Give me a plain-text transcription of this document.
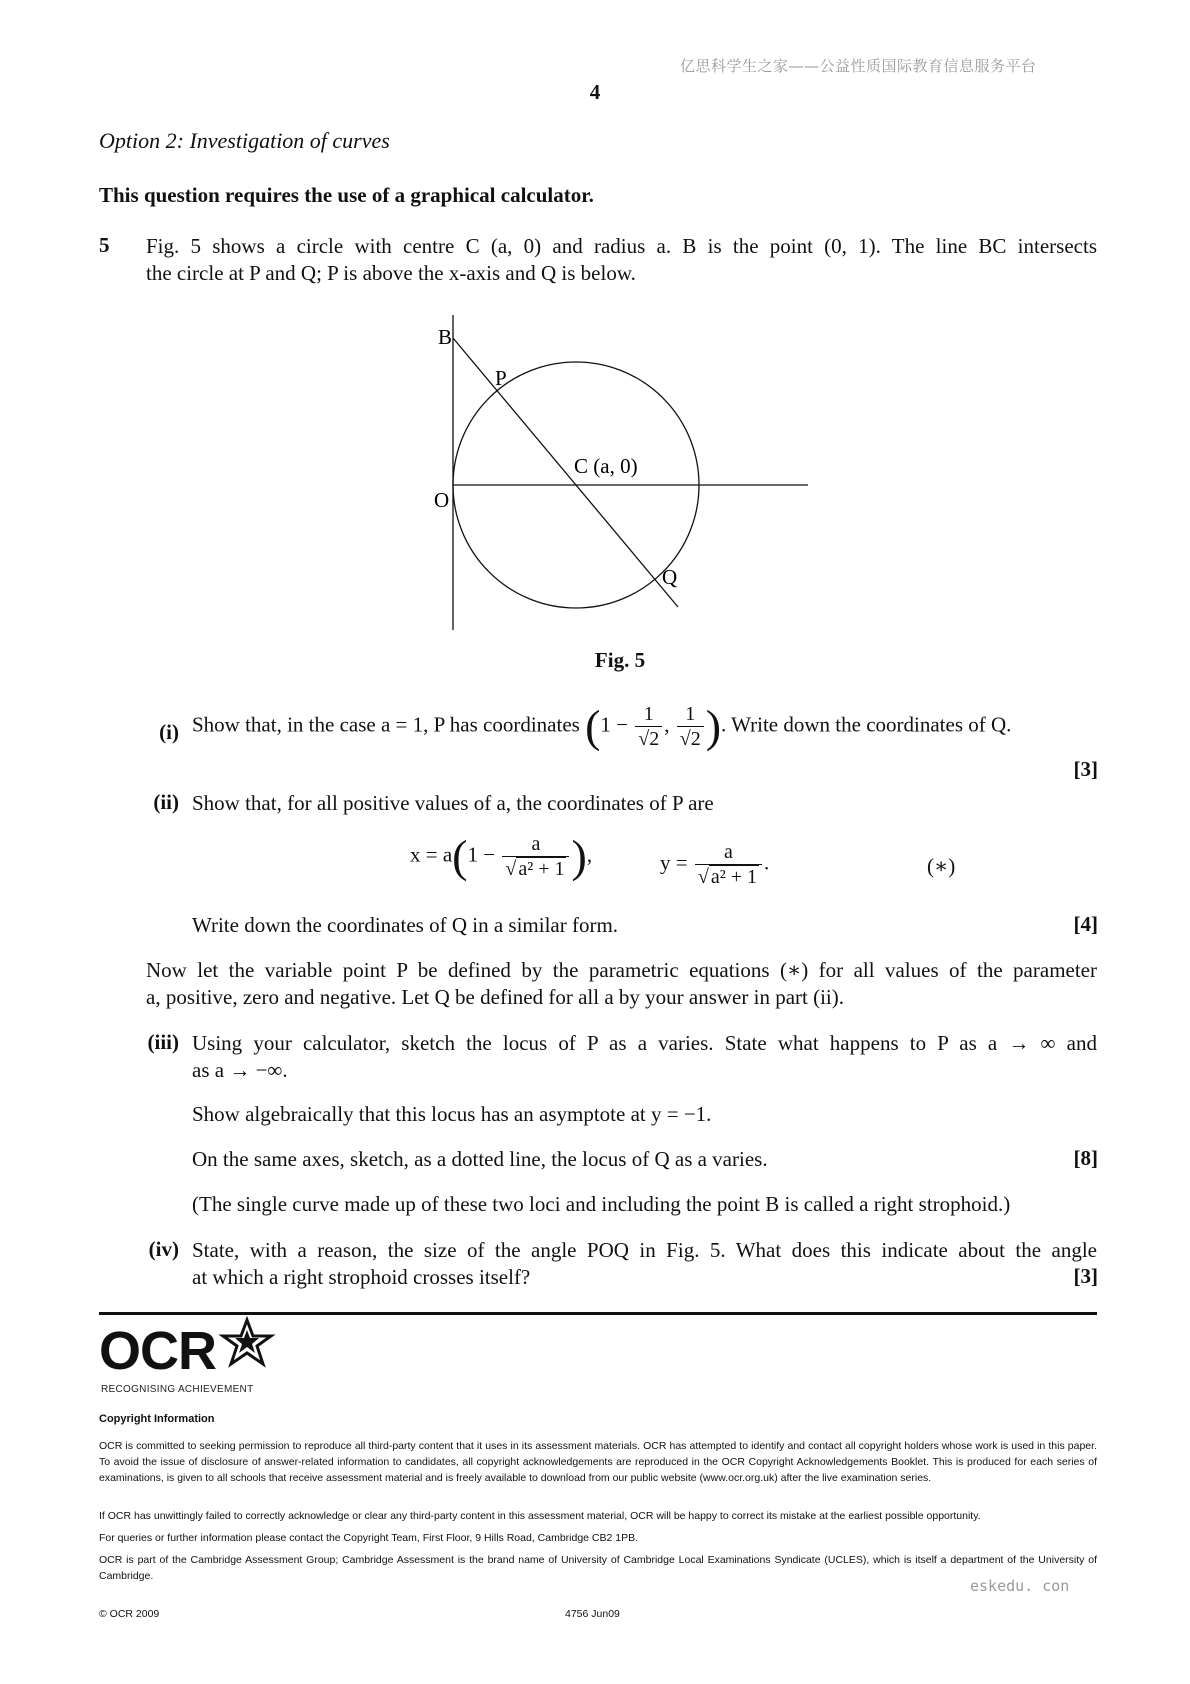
亿思科学生之家——公益性质国际教育信息服务平台
4
Option 2: Investigation of curves
This question requires the use of a graphical calculator.
5 Fig. 5 shows a circle with centre C (a, 0) and radius a. B is the point (0, 1). The line BC intersects
the circle at P and Q; P is above the x-axis and Q is below.
B
P
C (a, 0)
O
Q
Fig. 5
(i) Show that, in the case a = 1, P has coordinates ($1 - \frac{1}{√2}$ , $\frac{1}{√2}$ ). Write down the coordinates of Q.
[3]
(ii) Show that, for all positive values of a, the coordinates of P are
$x = a(1 - \frac{a}{\text{√ a² + 1}}$ ),	$y = \frac{a}{\text{√ a² + 1}}$ .	(∗)
Write down the coordinates of Q in a similar form.	[4]
Now let the variable point P be defined by the parametric equations (∗) for all values of the parameter
a, positive, zero and negative. Let Q be defined for all a by your answer in part (ii).
(iii) Using your calculator, sketch the locus of P as a varies. State what happens to P as a → ∞ and
as a → −∞.
Show algebraically that this locus has an asymptote at y = −1.
On the same axes, sketch, as a dotted line, the locus of Q as a varies.	[8]
(The single curve made up of these two loci and including the point B is called a right strophoid.)
(iv) State, with a reason, the size of the angle POQ in Fig. 5. What does this indicate about the angle
at which a right strophoid crosses itself?	[3]
OCR
RECOGNISING ACHIEVEMENT
Copyright Information
OCR is committed to seeking permission to reproduce all third-party content that it uses in its assessment materials. OCR has attempted to identify and contact all copyright holders whose work is used in this paper. To avoid the issue of disclosure of answer-related information to candidates, all copyright acknowledgements are reproduced in the OCR Copyright Acknowledgements Booklet. This is produced for each series of examinations, is given to all schools that receive assessment material and is freely available to download from our public website (www.ocr.org.uk) after the live examination series.
If OCR has unwittingly failed to correctly acknowledge or clear any third-party content in this assessment material, OCR will be happy to correct its mistake at the earliest possible opportunity.
For queries or further information please contact the Copyright Team, First Floor, 9 Hills Road, Cambridge CB2 1PB.
OCR is part of the Cambridge Assessment Group; Cambridge Assessment is the brand name of University of Cambridge Local Examinations Syndicate (UCLES), which is itself a department of the University of Cambridge.
eskedu. con
© OCR 2009	4756 Jun09
